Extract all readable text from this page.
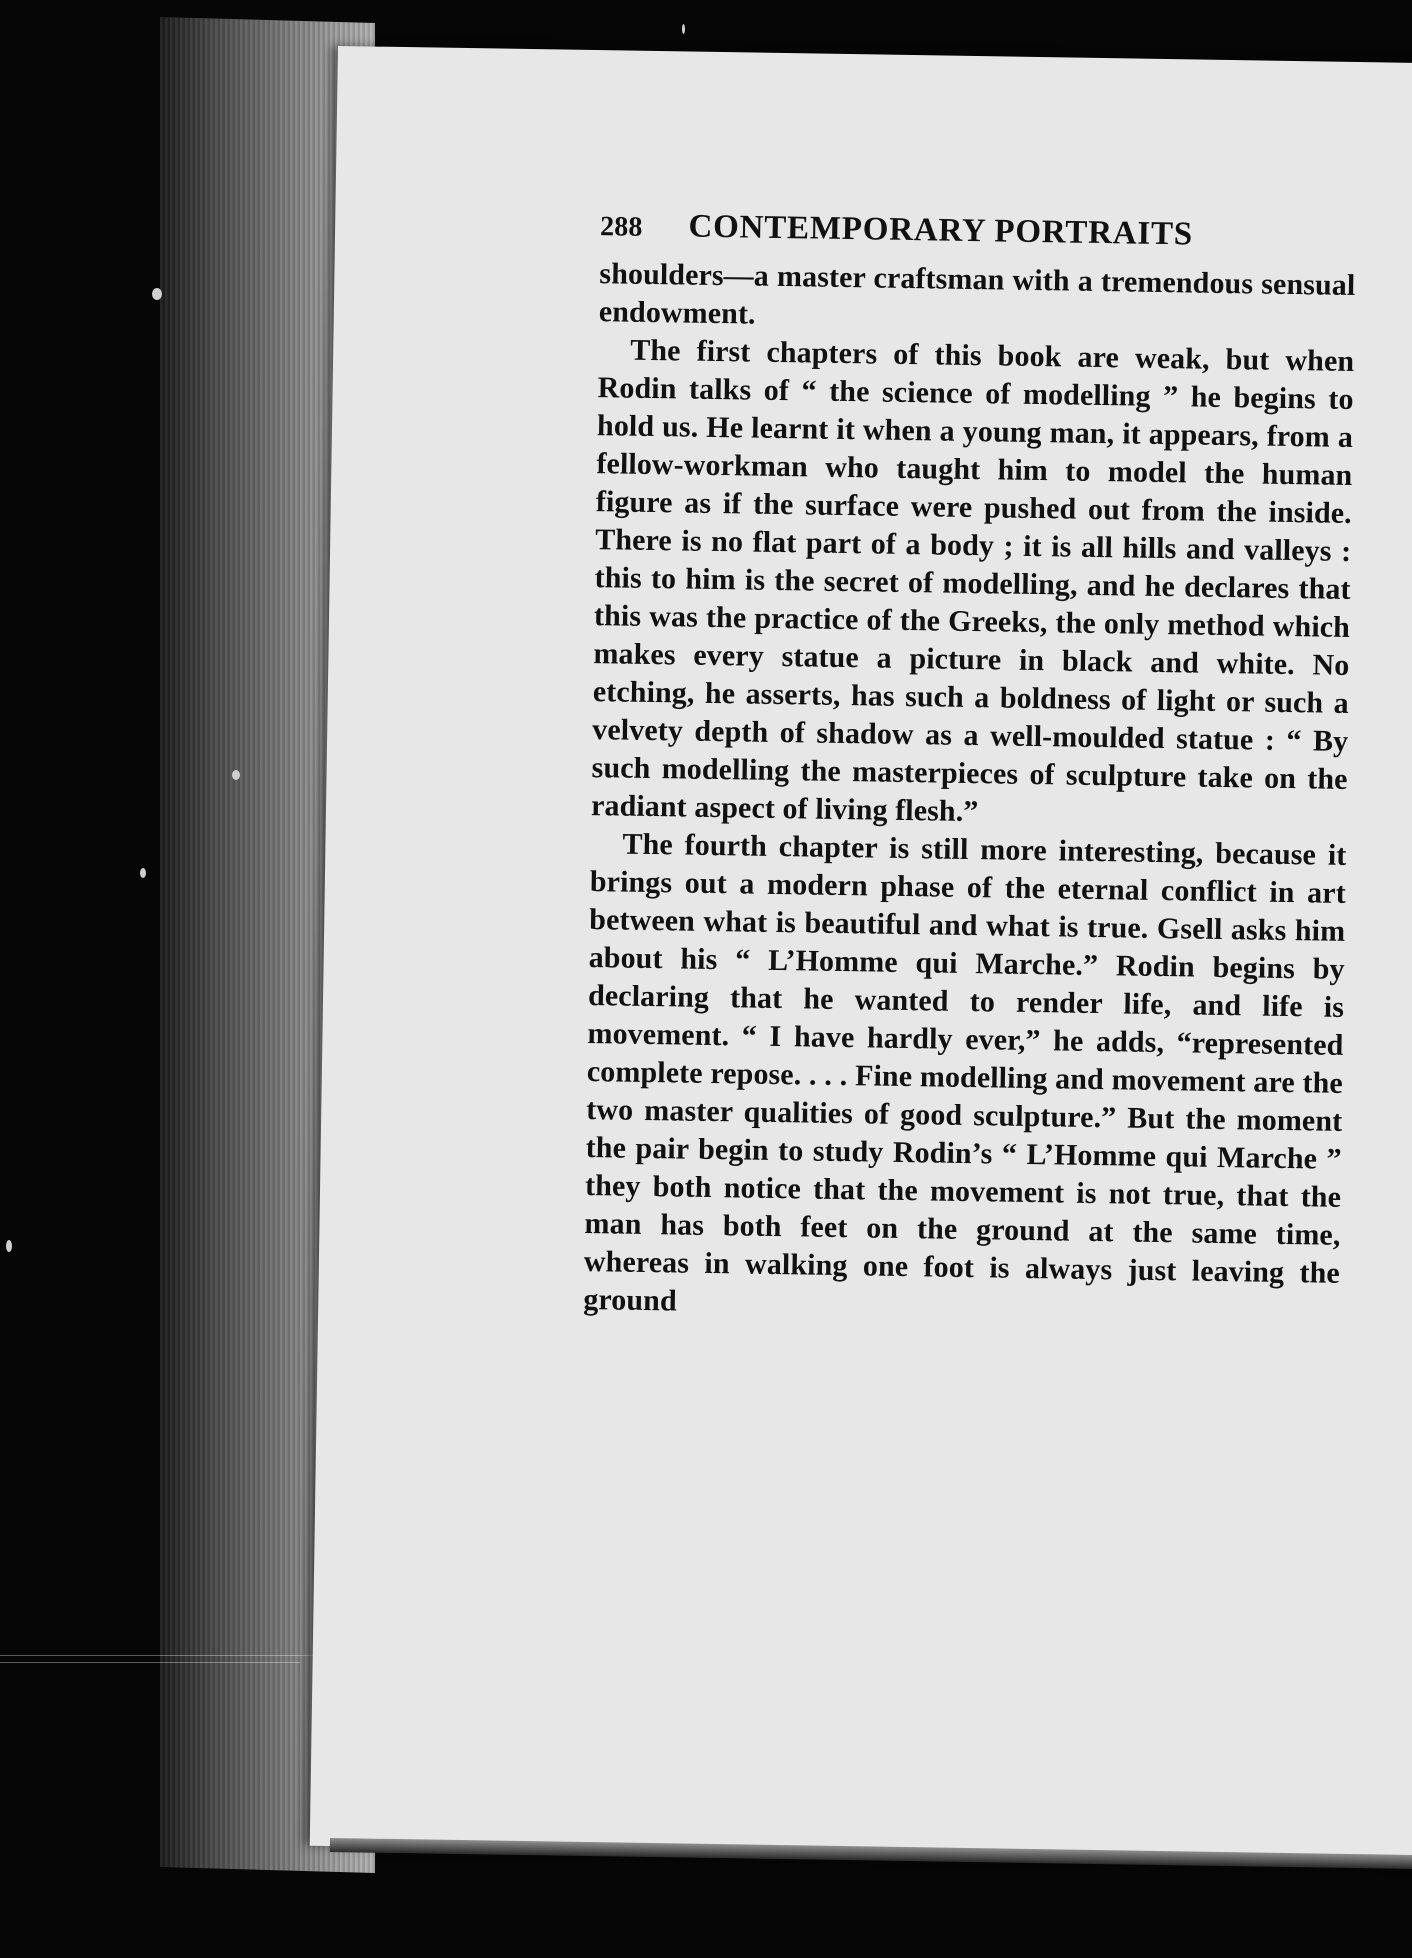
288 CONTEMPORARY PORTRAITS

shoulders—a master craftsman with a tremendous sensual endowment.

The first chapters of this book are weak, but when Rodin talks of “ the science of modelling ” he begins to hold us. He learnt it when a young man, it appears, from a fellow-workman who taught him to model the human figure as if the surface were pushed out from the inside. There is no flat part of a body ; it is all hills and valleys : this to him is the secret of modelling, and he declares that this was the practice of the Greeks, the only method which makes every statue a picture in black and white. No etching, he asserts, has such a boldness of light or such a velvety depth of shadow as a well-moulded statue : “ By such modelling the masterpieces of sculpture take on the radiant aspect of living flesh.”

The fourth chapter is still more interesting, because it brings out a modern phase of the eternal conflict in art between what is beautiful and what is true. Gsell asks him about his “ L’Homme qui Marche.” Rodin begins by declaring that he wanted to render life, and life is movement. “ I have hardly ever,” he adds, “represented complete repose. . . . Fine modelling and movement are the two master qualities of good sculpture.” But the moment the pair begin to study Rodin’s “ L’Homme qui Marche ” they both notice that the movement is not true, that the man has both feet on the ground at the same time, whereas in walking one foot is always just leaving the ground
